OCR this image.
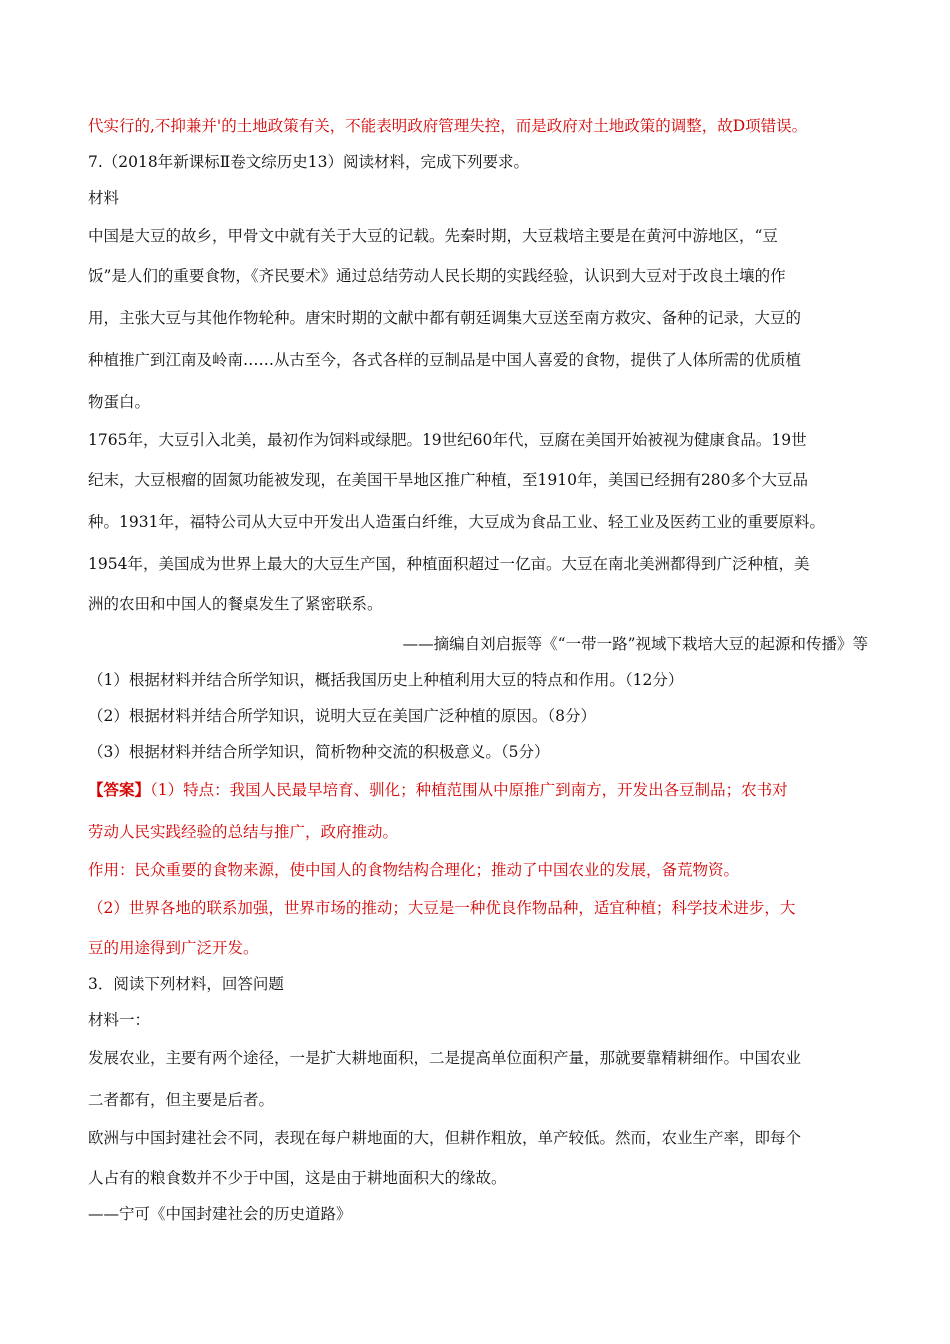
代实行的,不抑兼并'的土地政策有关，不能表明政府管理失控，而是政府对土地政策的调整，故D项错误。
7.（2018年新课标Ⅱ卷文综历史13）阅读材料，完成下列要求。
材料
中国是大豆的故乡，甲骨文中就有关于大豆的记载。先秦时期，大豆栽培主要是在黄河中游地区，“豆
饭”是人们的重要食物，《齐民要术》通过总结劳动人民长期的实践经验，认识到大豆对于改良土壤的作
用，主张大豆与其他作物轮种。唐宋时期的文献中都有朝廷调集大豆送至南方救灾、备种的记录，大豆的
种植推广到江南及岭南……从古至今，各式各样的豆制品是中国人喜爱的食物，提供了人体所需的优质植
物蛋白。
1765年，大豆引入北美，最初作为饲料或绿肥。19世纪60年代，豆腐在美国开始被视为健康食品。19世
纪末，大豆根瘤的固氮功能被发现，在美国干旱地区推广种植，至1910年，美国已经拥有280多个大豆品
种。1931年，福特公司从大豆中开发出人造蛋白纤维，大豆成为食品工业、轻工业及医药工业的重要原料。
1954年，美国成为世界上最大的大豆生产国，种植面积超过一亿亩。大豆在南北美洲都得到广泛种植，美
洲的农田和中国人的餐桌发生了紧密联系。
——摘编自刘启振等《“一带一路”视域下栽培大豆的起源和传播》等
（1）根据材料并结合所学知识，概括我国历史上种植利用大豆的特点和作用。（12分）
（2）根据材料并结合所学知识，说明大豆在美国广泛种植的原因。（8分）
（3）根据材料并结合所学知识，简析物种交流的积极意义。（5分）
【答案】（1）特点：我国人民最早培育、驯化；种植范围从中原推广到南方，开发出各豆制品；农书对
劳动人民实践经验的总结与推广，政府推动。
作用：民众重要的食物来源，使中国人的食物结构合理化；推动了中国农业的发展，备荒物资。
（2）世界各地的联系加强，世界市场的推动；大豆是一种优良作物品种，适宜种植；科学技术进步，大
豆的用途得到广泛开发。
3．阅读下列材料，回答问题
材料一：
发展农业，主要有两个途径，一是扩大耕地面积，二是提高单位面积产量，那就要靠精耕细作。中国农业
二者都有，但主要是后者。
欧洲与中国封建社会不同，表现在每户耕地面的大，但耕作粗放，单产较低。然而，农业生产率，即每个
人占有的粮食数并不少于中国，这是由于耕地面积大的缘故。
——宁可《中国封建社会的历史道路》
